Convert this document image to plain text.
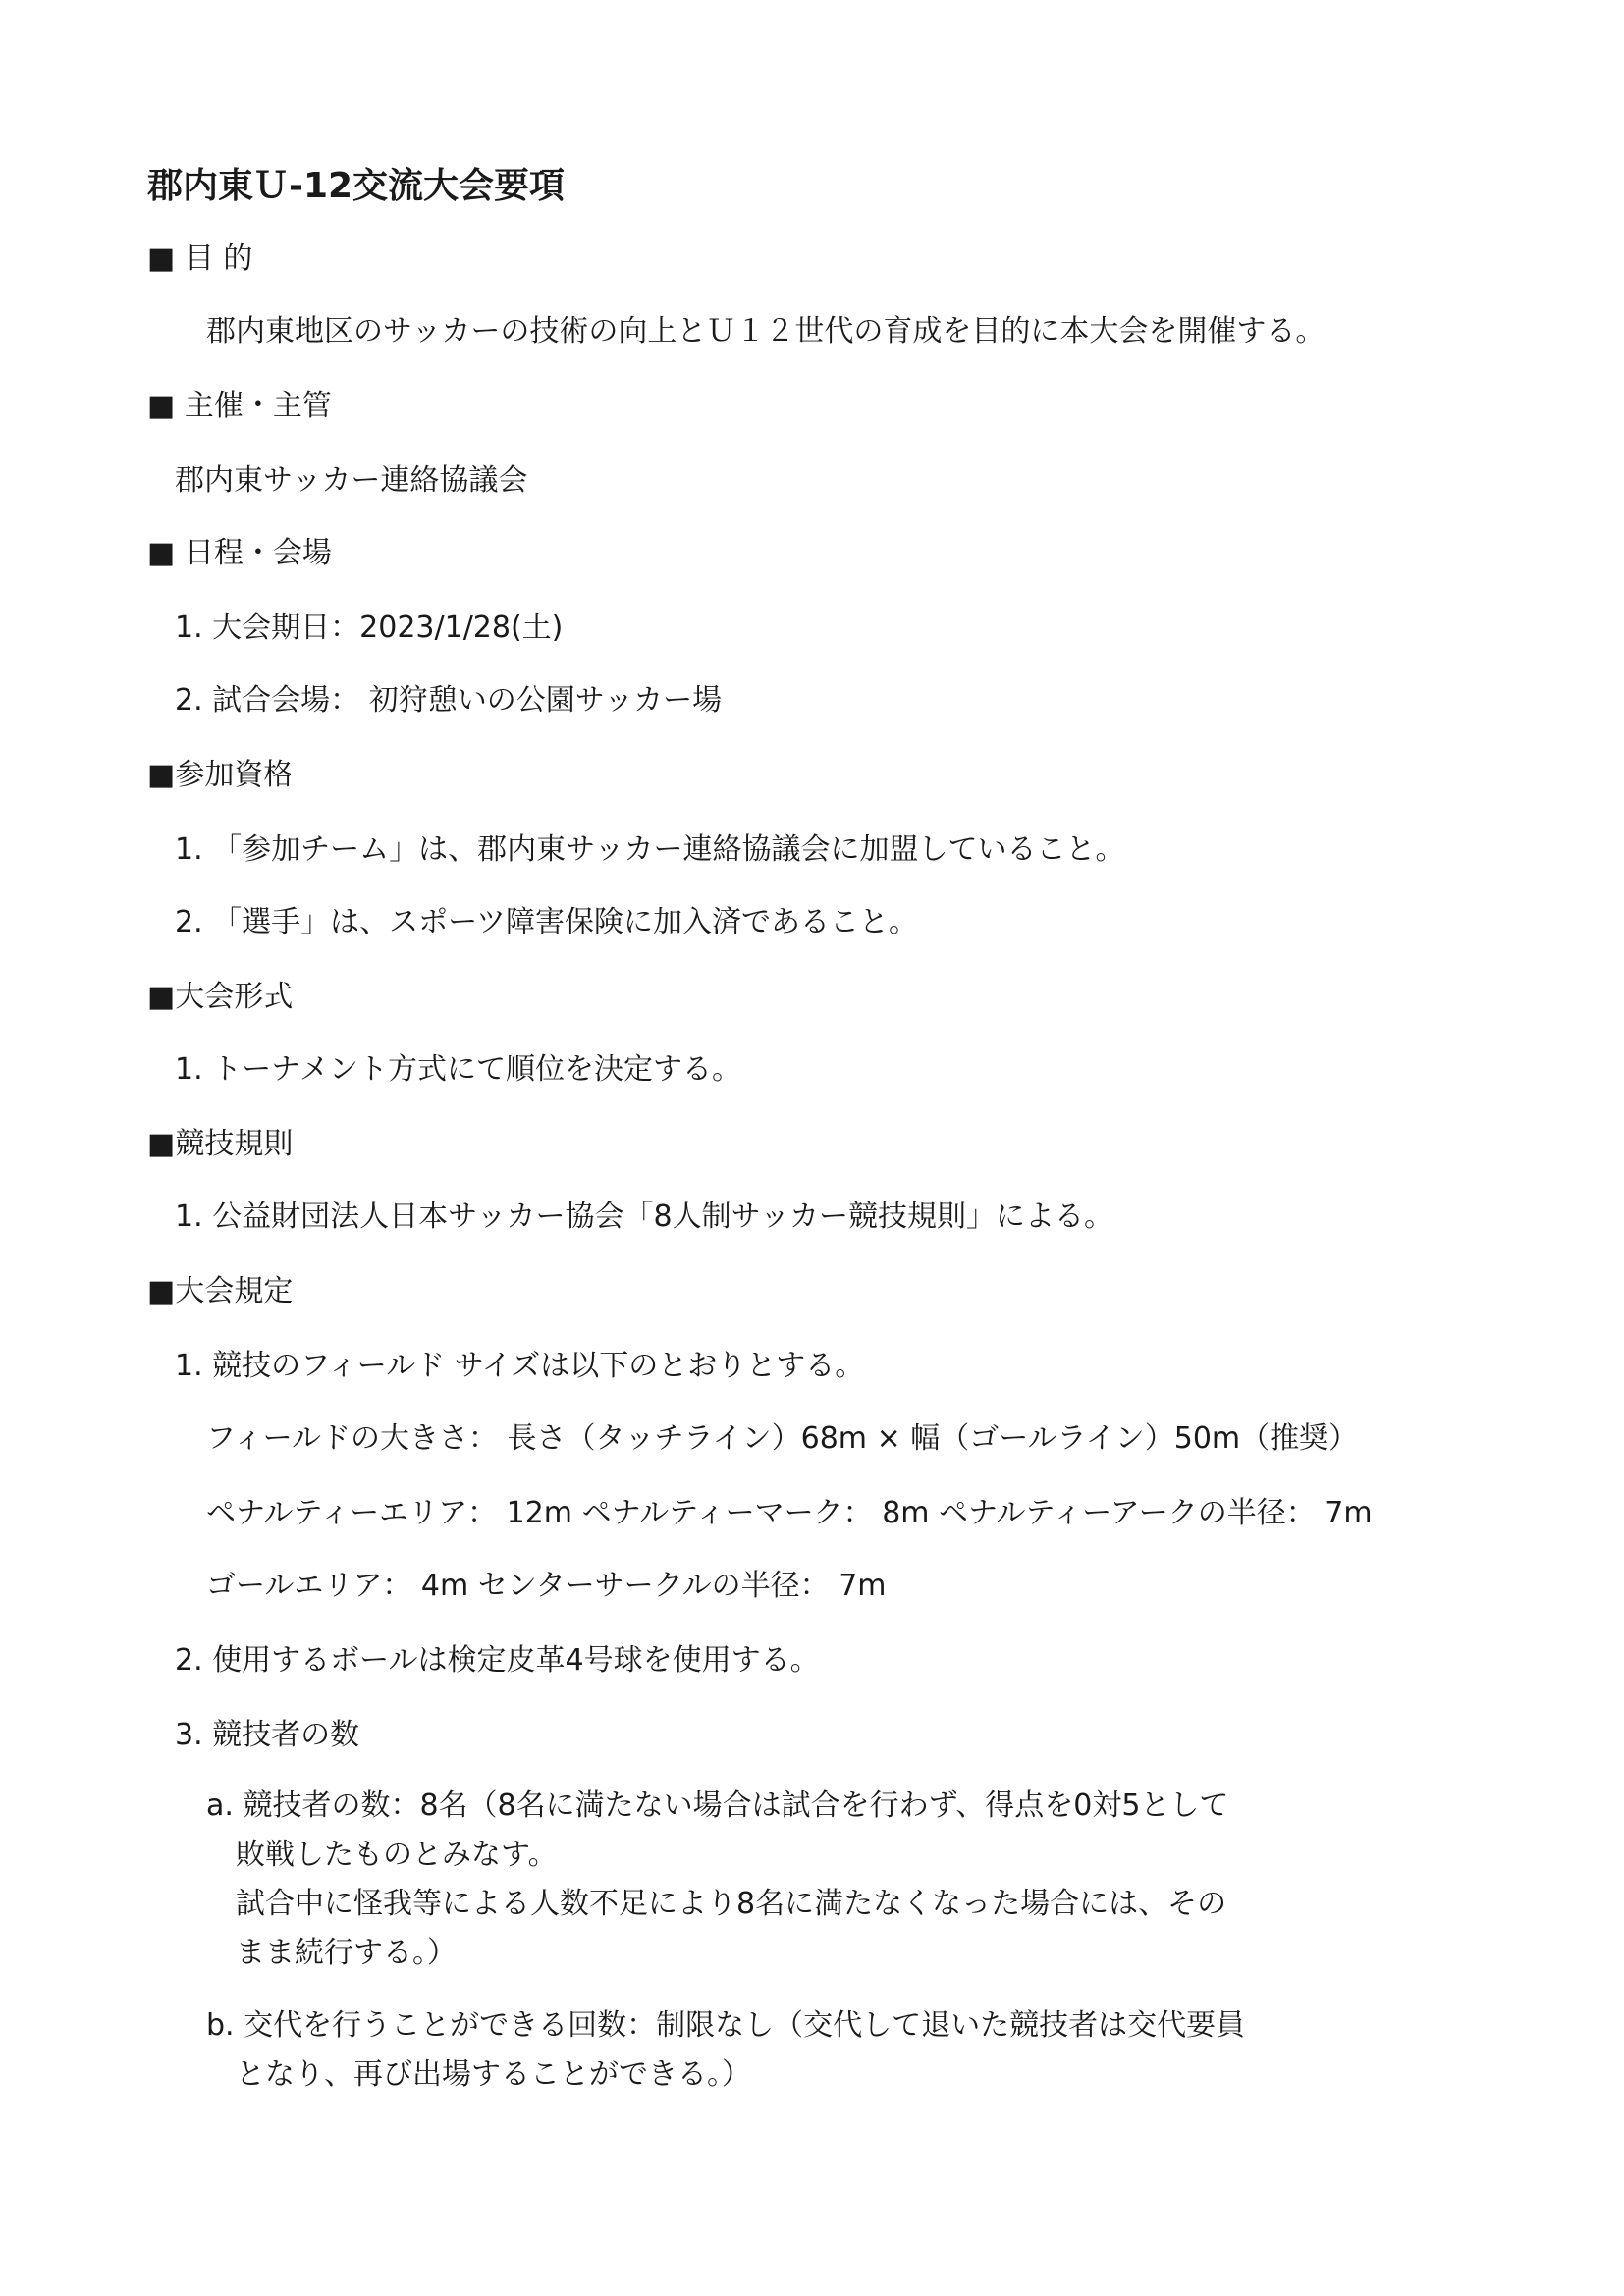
郡内東Ｕ-12交流大会要項
■ 目 的
郡内東地区のサッカーの技術の向上とＵ１２世代の育成を目的に本大会を開催する。
■ 主催・主管
郡内東サッカー連絡協議会
■ 日程・会場
1. 大会期日：2023/1/28(土)
2. 試合会場： 初狩憩いの公園サッカー場
■参加資格
1. 「参加チーム」は、郡内東サッカー連絡協議会に加盟していること。
2. 「選手」は、スポーツ障害保険に加入済であること。
■大会形式
1. トーナメント方式にて順位を決定する。
■競技規則
1. 公益財団法人日本サッカー協会「8人制サッカー競技規則」による。
■大会規定
1. 競技のフィールド サイズは以下のとおりとする。
フィールドの大きさ： 長さ（タッチライン）68m × 幅（ゴールライン）50m（推奨）
ペナルティーエリア： 12m ペナルティーマーク： 8m ペナルティーアークの半径： 7m
ゴールエリア： 4m センターサークルの半径： 7m
2. 使用するボールは検定皮革4号球を使用する。
3. 競技者の数
a. 競技者の数：8名（8名に満たない場合は試合を行わず、得点を0対5として
敗戦したものとみなす。
試合中に怪我等による人数不足により8名に満たなくなった場合には、その
まま続行する。）
b. 交代を行うことができる回数：制限なし（交代して退いた競技者は交代要員
となり、再び出場することができる。）
